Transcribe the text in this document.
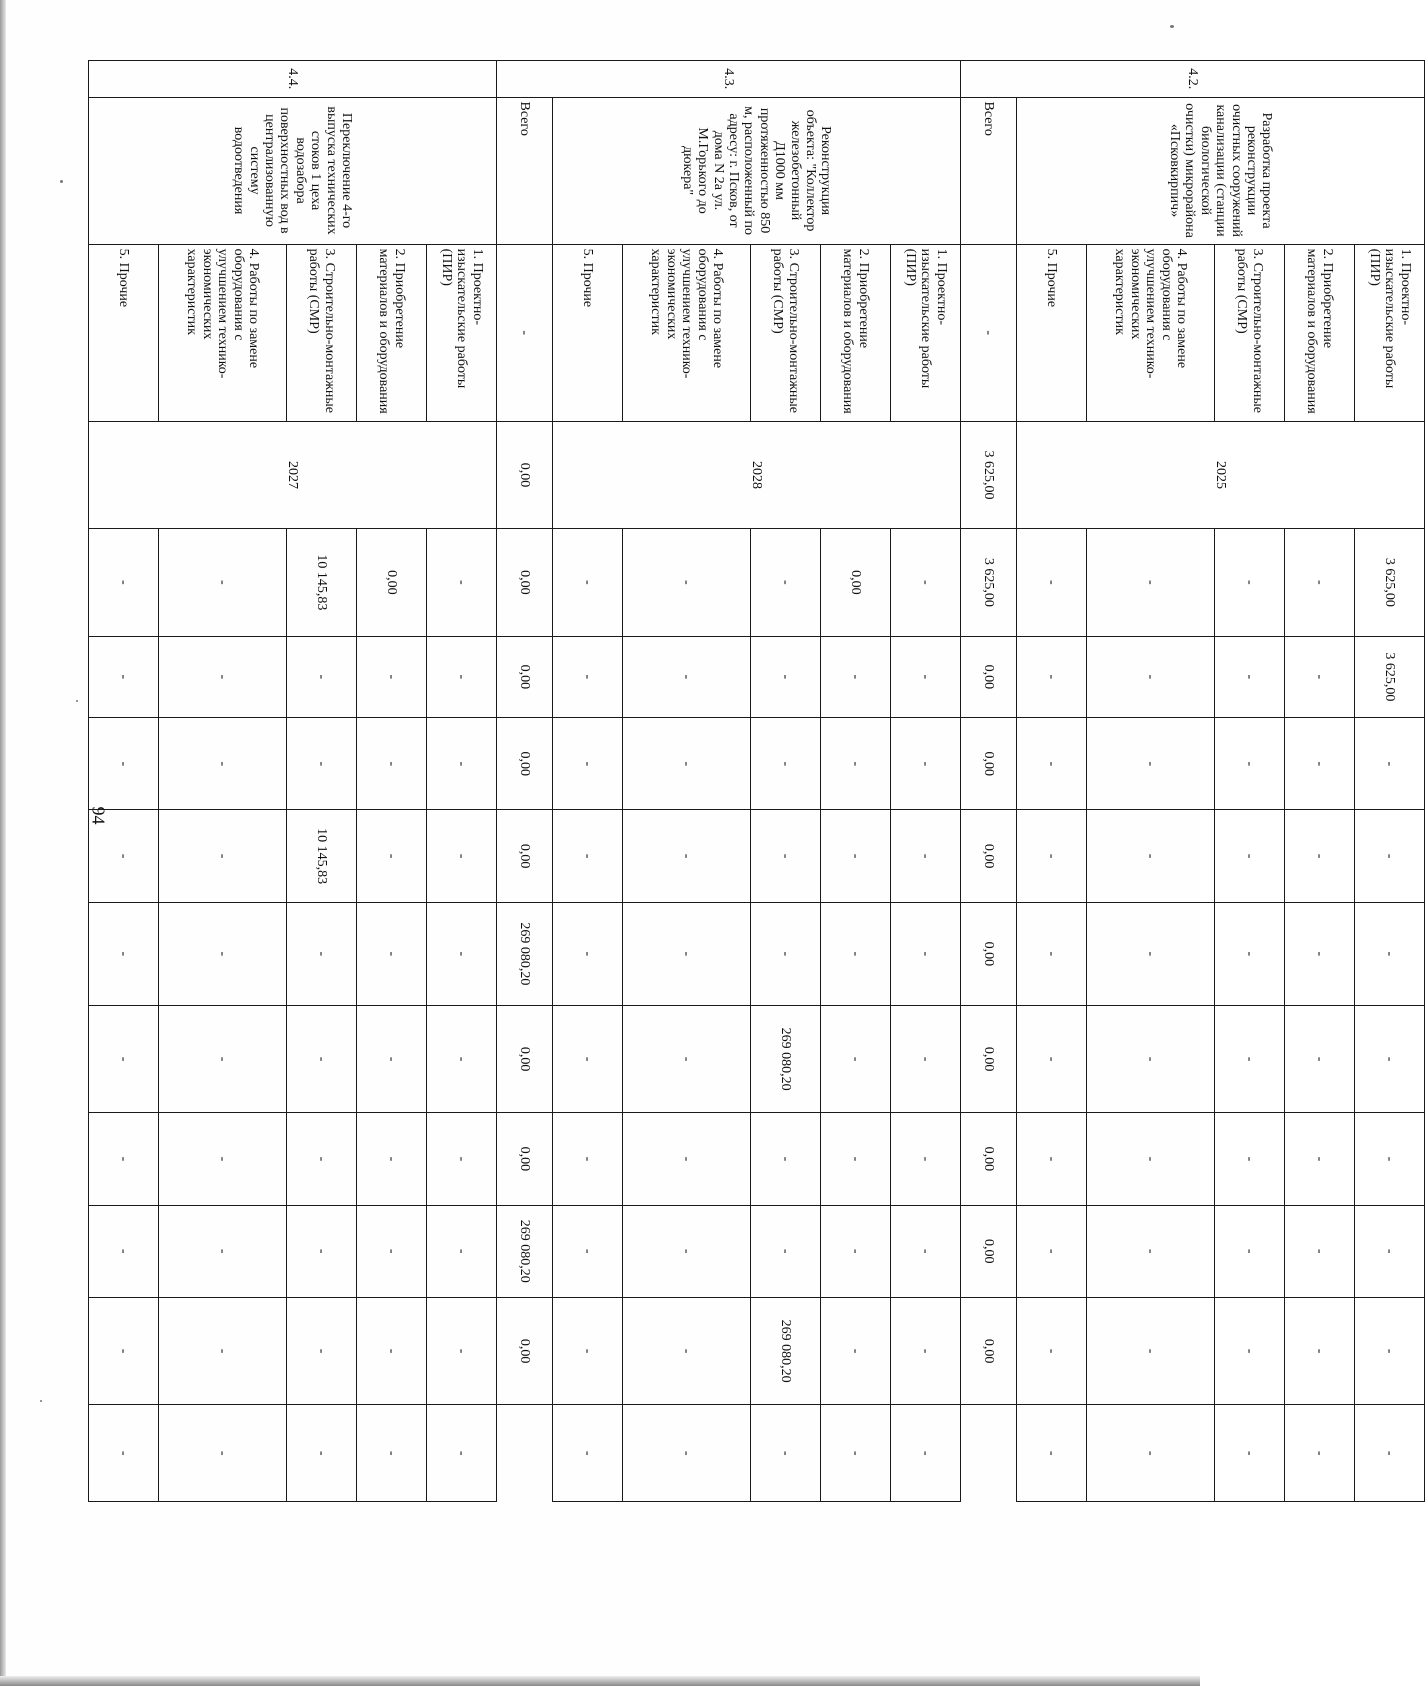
94
4.2.	Разработка проекта реконструкции очистных сооружений канализации (станции биологической очистки) микрорайона «Псковкирпич»	1. Проектно-изыскательские работы (ПИР)	2025	3 625,00	3 625,00	-	-	-	-	-	-	-	-
		2. Приобретение материалов и оборудования		-	-	-	-	-	-	-	-	-	-
		3. Строительно-монтажные работы (СМР)		-	-	-	-	-	-	-	-	-	-
		4. Работы по замене оборудования с улучшением технико-экономических характеристик		-	-	-	-	-	-	-	-	-	-
		5. Прочие		-	-	-	-	-	-	-	-	-	-
	Всего	-	3 625,00	3 625,00	0,00	0,00	0,00	0,00	0,00	0,00	0,00	0,00	
4.3.	Реконструкция объекта: "Коллектор железобетонный Д1000 мм протяженностью 850 м, расположенный по адресу: г. Псков, от дома N 2а ул. М.Горького до дюкера"	1. Проектно-изыскательские работы (ПИР)	2028	-	-	-	-	-	-	-	-	-	-
		2. Приобретение материалов и оборудования		0,00	-	-	-	-	-	-	-	-	-
		3. Строительно-монтажные работы (СМР)		-	-	-	-	-	269 080,20	-	-	269 080,20	-
		4. Работы по замене оборудования с улучшением технико-экономических характеристик		-	-	-	-	-	-	-	-	-	-
		5. Прочие		-	-	-	-	-	-	-	-	-	-
	Всего	-	0,00	0,00	0,00	0,00	0,00	269 080,20	0,00	0,00	269 080,20	0,00	
4.4.	Переключение 4-го выпуска технических стоков 1 цеха водозабора поверхностных вод в централизованную систему водоотведения	1. Проектно-изыскательские работы (ПИР)	2027	-	-	-	-	-	-	-	-	-	-
		2. Приобретение материалов и оборудования		0,00	-	-	-	-	-	-	-	-	-
		3. Строительно-монтажные работы (СМР)		10 145,83	-	-	10 145,83	-	-	-	-	-	-
		4. Работы по замене оборудования с улучшением технико-экономических характеристик		-	-	-	-	-	-	-	-	-	-
		5. Прочие		-	-	-	-	-	-	-	-	-	-
